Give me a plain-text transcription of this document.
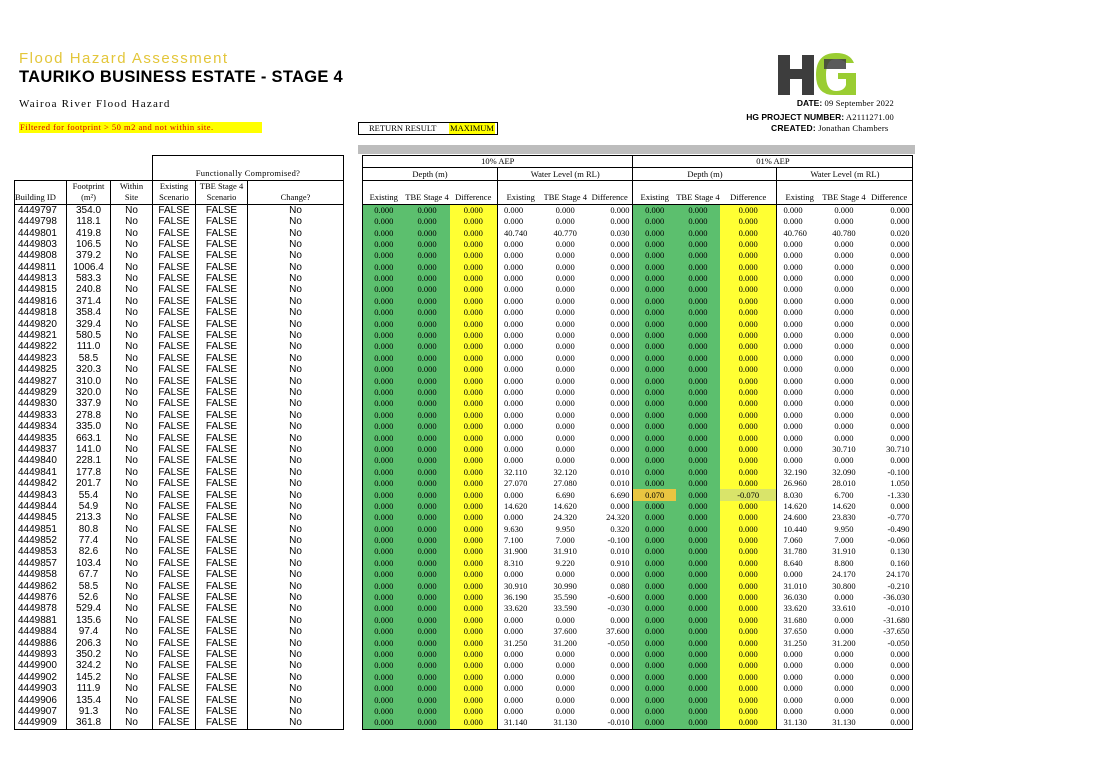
Flood Hazard Assessment
TAURIKO BUSINESS ESTATE - STAGE 4
Wairoa River Flood Hazard
Filtered for footprint > 50 m2 and not within site.	RETURN RESULT MAXIMUM
DATE: 09 September 2022
HG PROJECT NUMBER: A2111271.00
CREATED: Jonathan Chambers
							10% AEP						01% AEP					
			Functionally Compromised?				Depth (m)			Water Level (m RL)			Depth (m)			Water Level (m RL)		
	Footprint	Within	Existing	TBE Stage 4														
Building ID	(m²)	Site	Scenario	Scenario	Change?		Existing	TBE Stage 4	Difference	Existing	TBE Stage 4	Difference	Existing	TBE Stage 4	Difference	Existing	TBE Stage 4	Difference
4449797	354.0	No	FALSE	FALSE	No		0.000	0.000	0.000	0.000	0.000	0.000	0.000	0.000	0.000	0.000	0.000	0.000
4449798	118.1	No	FALSE	FALSE	No		0.000	0.000	0.000	0.000	0.000	0.000	0.000	0.000	0.000	0.000	0.000	0.000
4449801	419.8	No	FALSE	FALSE	No		0.000	0.000	0.000	40.740	40.770	0.030	0.000	0.000	0.000	40.760	40.780	0.020
4449803	106.5	No	FALSE	FALSE	No		0.000	0.000	0.000	0.000	0.000	0.000	0.000	0.000	0.000	0.000	0.000	0.000
4449808	379.2	No	FALSE	FALSE	No		0.000	0.000	0.000	0.000	0.000	0.000	0.000	0.000	0.000	0.000	0.000	0.000
4449811	1006.4	No	FALSE	FALSE	No		0.000	0.000	0.000	0.000	0.000	0.000	0.000	0.000	0.000	0.000	0.000	0.000
4449813	583.3	No	FALSE	FALSE	No		0.000	0.000	0.000	0.000	0.000	0.000	0.000	0.000	0.000	0.000	0.000	0.000
4449815	240.8	No	FALSE	FALSE	No		0.000	0.000	0.000	0.000	0.000	0.000	0.000	0.000	0.000	0.000	0.000	0.000
4449816	371.4	No	FALSE	FALSE	No		0.000	0.000	0.000	0.000	0.000	0.000	0.000	0.000	0.000	0.000	0.000	0.000
4449818	358.4	No	FALSE	FALSE	No		0.000	0.000	0.000	0.000	0.000	0.000	0.000	0.000	0.000	0.000	0.000	0.000
4449820	329.4	No	FALSE	FALSE	No		0.000	0.000	0.000	0.000	0.000	0.000	0.000	0.000	0.000	0.000	0.000	0.000
4449821	580.5	No	FALSE	FALSE	No		0.000	0.000	0.000	0.000	0.000	0.000	0.000	0.000	0.000	0.000	0.000	0.000
4449822	111.0	No	FALSE	FALSE	No		0.000	0.000	0.000	0.000	0.000	0.000	0.000	0.000	0.000	0.000	0.000	0.000
4449823	58.5	No	FALSE	FALSE	No		0.000	0.000	0.000	0.000	0.000	0.000	0.000	0.000	0.000	0.000	0.000	0.000
4449825	320.3	No	FALSE	FALSE	No		0.000	0.000	0.000	0.000	0.000	0.000	0.000	0.000	0.000	0.000	0.000	0.000
4449827	310.0	No	FALSE	FALSE	No		0.000	0.000	0.000	0.000	0.000	0.000	0.000	0.000	0.000	0.000	0.000	0.000
4449829	320.0	No	FALSE	FALSE	No		0.000	0.000	0.000	0.000	0.000	0.000	0.000	0.000	0.000	0.000	0.000	0.000
4449830	337.9	No	FALSE	FALSE	No		0.000	0.000	0.000	0.000	0.000	0.000	0.000	0.000	0.000	0.000	0.000	0.000
4449833	278.8	No	FALSE	FALSE	No		0.000	0.000	0.000	0.000	0.000	0.000	0.000	0.000	0.000	0.000	0.000	0.000
4449834	335.0	No	FALSE	FALSE	No		0.000	0.000	0.000	0.000	0.000	0.000	0.000	0.000	0.000	0.000	0.000	0.000
4449835	663.1	No	FALSE	FALSE	No		0.000	0.000	0.000	0.000	0.000	0.000	0.000	0.000	0.000	0.000	0.000	0.000
4449837	141.0	No	FALSE	FALSE	No		0.000	0.000	0.000	0.000	0.000	0.000	0.000	0.000	0.000	0.000	30.710	30.710
4449840	228.1	No	FALSE	FALSE	No		0.000	0.000	0.000	0.000	0.000	0.000	0.000	0.000	0.000	0.000	0.000	0.000
4449841	177.8	No	FALSE	FALSE	No		0.000	0.000	0.000	32.110	32.120	0.010	0.000	0.000	0.000	32.190	32.090	-0.100
4449842	201.7	No	FALSE	FALSE	No		0.000	0.000	0.000	27.070	27.080	0.010	0.000	0.000	0.000	26.960	28.010	1.050
4449843	55.4	No	FALSE	FALSE	No		0.000	0.000	0.000	0.000	6.690	6.690	0.070	0.000	-0.070	8.030	6.700	-1.330
4449844	54.9	No	FALSE	FALSE	No		0.000	0.000	0.000	14.620	14.620	0.000	0.000	0.000	0.000	14.620	14.620	0.000
4449845	213.3	No	FALSE	FALSE	No		0.000	0.000	0.000	0.000	24.320	24.320	0.000	0.000	0.000	24.600	23.830	-0.770
4449851	80.8	No	FALSE	FALSE	No		0.000	0.000	0.000	9.630	9.950	0.320	0.000	0.000	0.000	10.440	9.950	-0.490
4449852	77.4	No	FALSE	FALSE	No		0.000	0.000	0.000	7.100	7.000	-0.100	0.000	0.000	0.000	7.060	7.000	-0.060
4449853	82.6	No	FALSE	FALSE	No		0.000	0.000	0.000	31.900	31.910	0.010	0.000	0.000	0.000	31.780	31.910	0.130
4449857	103.4	No	FALSE	FALSE	No		0.000	0.000	0.000	8.310	9.220	0.910	0.000	0.000	0.000	8.640	8.800	0.160
4449858	67.7	No	FALSE	FALSE	No		0.000	0.000	0.000	0.000	0.000	0.000	0.000	0.000	0.000	0.000	24.170	24.170
4449862	58.5	No	FALSE	FALSE	No		0.000	0.000	0.000	30.910	30.990	0.080	0.000	0.000	0.000	31.010	30.800	-0.210
4449876	52.6	No	FALSE	FALSE	No		0.000	0.000	0.000	36.190	35.590	-0.600	0.000	0.000	0.000	36.030	0.000	-36.030
4449878	529.4	No	FALSE	FALSE	No		0.000	0.000	0.000	33.620	33.590	-0.030	0.000	0.000	0.000	33.620	33.610	-0.010
4449881	135.6	No	FALSE	FALSE	No		0.000	0.000	0.000	0.000	0.000	0.000	0.000	0.000	0.000	31.680	0.000	-31.680
4449884	97.4	No	FALSE	FALSE	No		0.000	0.000	0.000	0.000	37.600	37.600	0.000	0.000	0.000	37.650	0.000	-37.650
4449886	206.3	No	FALSE	FALSE	No		0.000	0.000	0.000	31.250	31.200	-0.050	0.000	0.000	0.000	31.250	31.200	-0.050
4449893	350.2	No	FALSE	FALSE	No		0.000	0.000	0.000	0.000	0.000	0.000	0.000	0.000	0.000	0.000	0.000	0.000
4449900	324.2	No	FALSE	FALSE	No		0.000	0.000	0.000	0.000	0.000	0.000	0.000	0.000	0.000	0.000	0.000	0.000
4449902	145.2	No	FALSE	FALSE	No		0.000	0.000	0.000	0.000	0.000	0.000	0.000	0.000	0.000	0.000	0.000	0.000
4449903	111.9	No	FALSE	FALSE	No		0.000	0.000	0.000	0.000	0.000	0.000	0.000	0.000	0.000	0.000	0.000	0.000
4449906	135.4	No	FALSE	FALSE	No		0.000	0.000	0.000	0.000	0.000	0.000	0.000	0.000	0.000	0.000	0.000	0.000
4449907	91.3	No	FALSE	FALSE	No		0.000	0.000	0.000	0.000	0.000	0.000	0.000	0.000	0.000	0.000	0.000	0.000
4449909	361.8	No	FALSE	FALSE	No		0.000	0.000	0.000	31.140	31.130	-0.010	0.000	0.000	0.000	31.130	31.130	0.000
